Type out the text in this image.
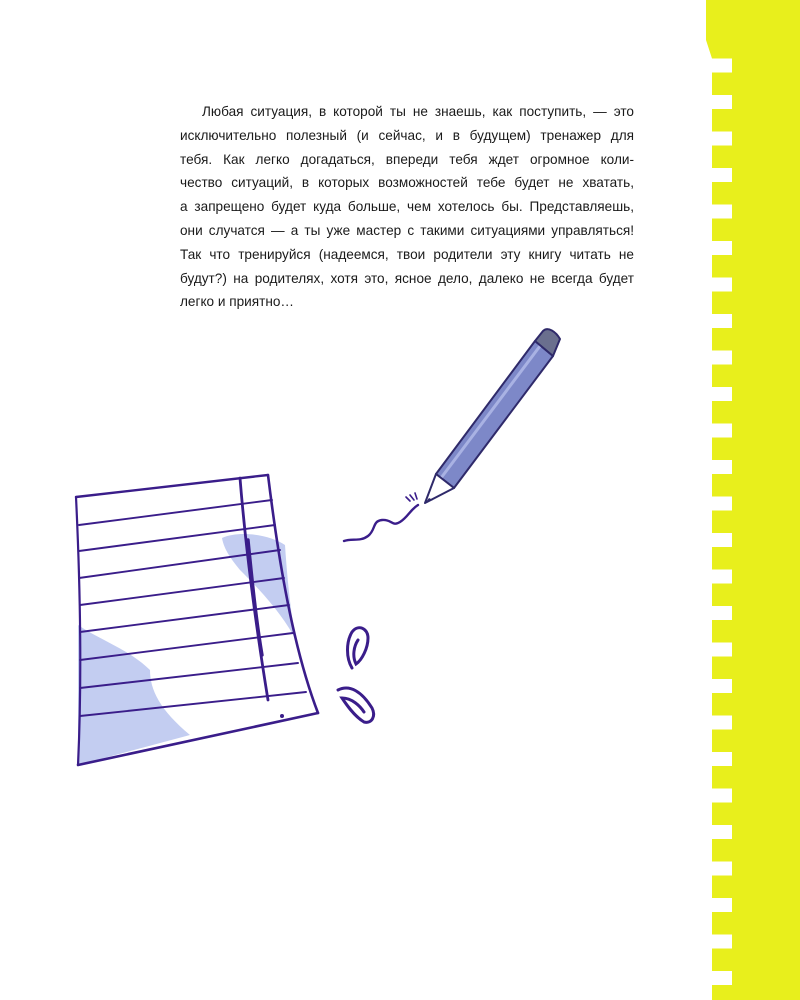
Любая ситуация, в которой ты не знаешь, как поступить, — это
исключительно полезный (и сейчас, и в будущем) тренажер для
тебя. Как легко догадаться, впереди тебя ждет огромное коли-
чество ситуаций, в которых возможностей тебе будет не хватать,
а запрещено будет куда больше, чем хотелось бы. Представляешь,
они случатся — а ты уже мастер с такими ситуациями управляться!
Так что тренируйся (надеемся, твои родители эту книгу читать не
будут?) на родителях, хотя это, ясное дело, далеко не всегда будет
легко и приятно…
